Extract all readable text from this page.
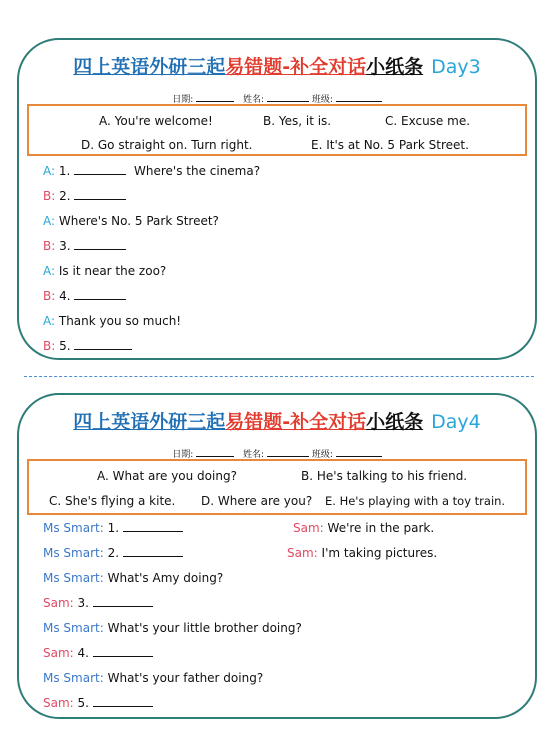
四上英语外研三起易错题-补全对话小纸条 Day3
日期:	姓名:	班级:
A. You're welcome!	B. Yes, it is.	C. Excuse me.
D. Go straight on. Turn right.	E. It's at No. 5 Park Street.
A: 1.	Where's the cinema?
B: 2.
A: Where's No. 5 Park Street?
B: 3.
A: Is it near the zoo?
B: 4.
A: Thank you so much!
B: 5.
四上英语外研三起易错题-补全对话小纸条 Day4
日期:	姓名:	班级:
A. What are you doing?	B. He's talking to his friend.
C. She's flying a kite. D. Where are you? E. He's playing with a toy train.
Ms Smart: 1.	Sam: We're in the park.
Ms Smart: 2.	Sam: I'm taking pictures.
Ms Smart: What's Amy doing?
Sam: 3.
Ms Smart: What's your little brother doing?
Sam: 4.
Ms Smart: What's your father doing?
Sam: 5.
